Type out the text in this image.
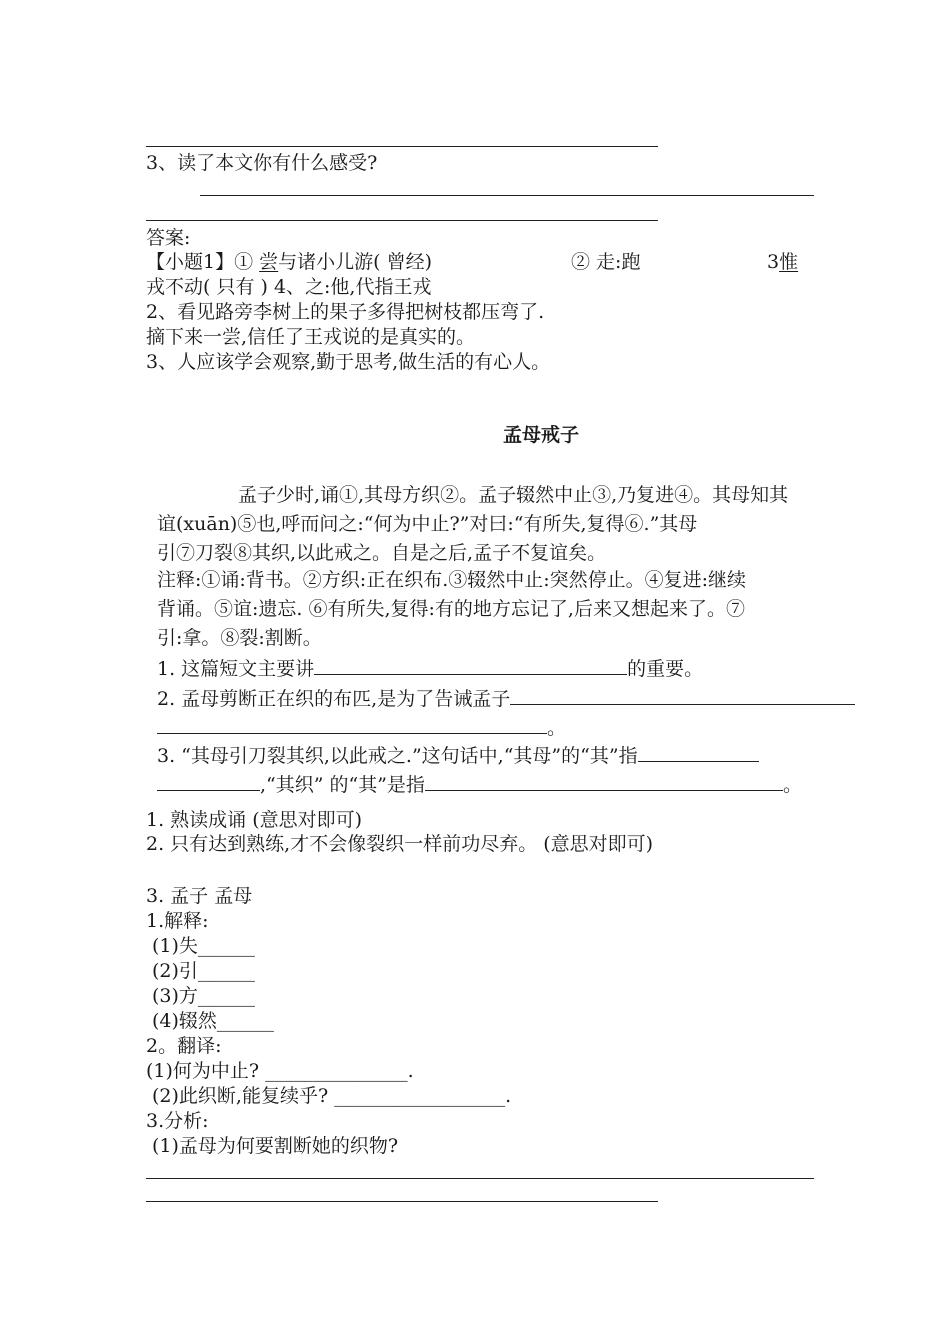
3、读了本文你有什么感受?
答案:
【小题1】① 尝与诸小儿游( 曾经)	② 走:跑	3惟
戎不动( 只有 ) 4、之:他,代指王戎
2、看见路旁李树上的果子多得把树枝都压弯了.
摘下来一尝,信任了王戎说的是真实的。
3、人应该学会观察,勤于思考,做生活的有心人。
孟母戒子
孟子少时,诵①,其母方织②。孟子辍然中止③,乃复进④。其母知其
谊(xuān)⑤也,呼而问之:“何为中止?”对曰:“有所失,复得⑥.”其母
引⑦刀裂⑧其织,以此戒之。自是之后,孟子不复谊矣。
注释:①诵:背书。②方织:正在织布.③辍然中止:突然停止。④复进:继续
背诵。⑤谊:遗忘. ⑥有所失,复得:有的地方忘记了,后来又想起来了。⑦
引:拿。⑧裂:割断。
1. 这篇短文主要讲	的重要。
2. 孟母剪断正在织的布匹,是为了告诫孟子
。
3. “其母引刀裂其织,以此戒之.”这句话中,“其母”的“其”指
,“其织” 的“其”是指	。
1. 熟读成诵 (意思对即可)
2. 只有达到熟练,才不会像裂织一样前功尽弃。 (意思对即可)
3. 孟子 孟母
1.解释:
(1)失______
(2)引______
(3)方______
(4)辍然______
2。翻译:
(1)何为中止? _______________.
(2)此织断,能复续乎? __________________.
3.分析:
(1)孟母为何要割断她的织物?
